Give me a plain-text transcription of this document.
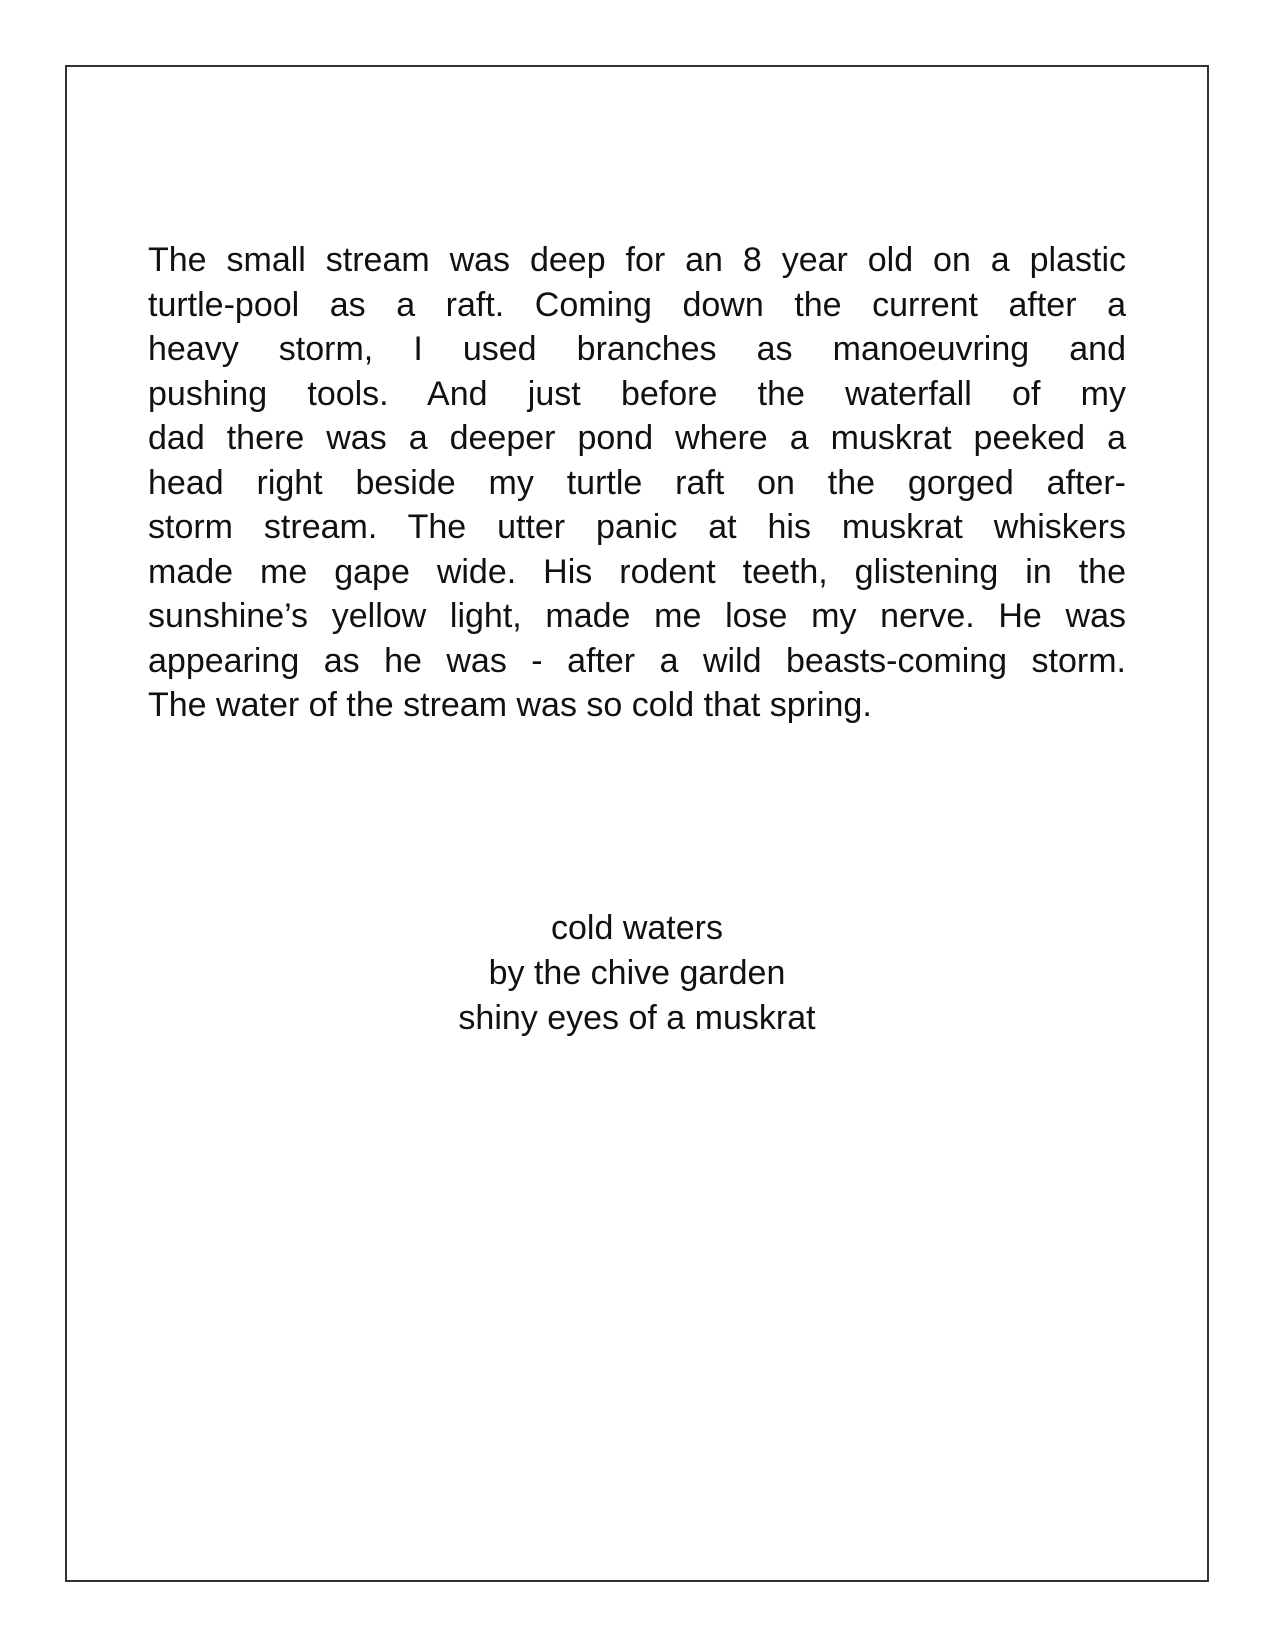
The small stream was deep for an 8 year old on a plastic
turtle-pool as a raft. Coming down the current after a
heavy storm, I used branches as manoeuvring and
pushing tools. And just before the waterfall of my
dad there was a deeper pond where a muskrat peeked a
head right beside my turtle raft on the gorged after-
storm stream. The utter panic at his muskrat whiskers
made me gape wide. His rodent teeth, glistening in the
sunshine’s yellow light, made me lose my nerve. He was
appearing as he was - after a wild beasts-coming storm.
The water of the stream was so cold that spring.
cold waters
by the chive garden
shiny eyes of a muskrat
